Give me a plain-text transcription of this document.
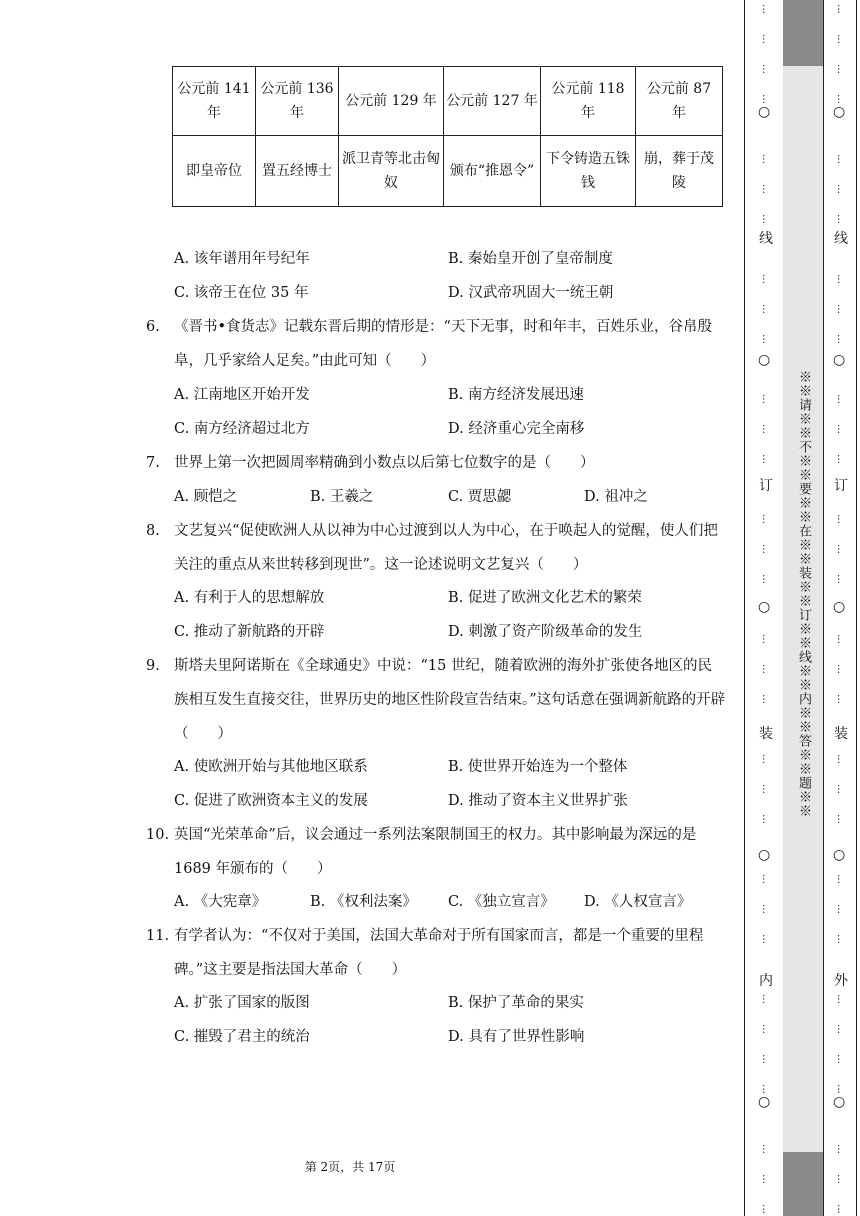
公元前 141 年	公元前 136 年	公元前 129 年	公元前 127 年	公元前 118 年	公元前 87 年
即皇帝位	置五经博士	派卫青等北击匈奴	颁布“推恩令”	下令铸造五铢钱	崩，葬于茂陵
A. 该年谱用年号纪年	B. 秦始皇开创了皇帝制度
C. 该帝王在位 35 年	D. 汉武帝巩固大一统王朝
6. 《晋书•食货志》记载东晋后期的情形是：“天下无事，时和年丰，百姓乐业，谷帛殷阜，几乎家给人足矣。”由此可知（　　）
A. 江南地区开始开发	B. 南方经济发展迅速
C. 南方经济超过北方	D. 经济重心完全南移
7. 世界上第一次把圆周率精确到小数点以后第七位数字的是（　　）
A. 顾恺之	B. 王羲之	C. 贾思勰	D. 祖冲之
8. 文艺复兴“促使欧洲人从以神为中心过渡到以人为中心，在于唤起人的觉醒，使人们把关注的重点从来世转移到现世”。这一论述说明文艺复兴（　　）
A. 有利于人的思想解放	B. 促进了欧洲文化艺术的繁荣
C. 推动了新航路的开辟	D. 刺激了资产阶级革命的发生
9. 斯塔夫里阿诺斯在《全球通史》中说：“15 世纪，随着欧洲的海外扩张使各地区的民族相互发生直接交往，世界历史的地区性阶段宣告结束。”这句话意在强调新航路的开辟（　　）
A. 使欧洲开始与其他地区联系	B. 使世界开始连为一个整体
C. 促进了欧洲资本主义的发展	D. 推动了资本主义世界扩张
10. 英国“光荣革命”后，议会通过一系列法案限制国王的权力。其中影响最为深远的是 1689 年颁布的（　　）
A. 《大宪章》	B. 《权利法案》 C. 《独立宣言》 D. 《人权宣言》
11. 有学者认为：“不仅对于美国，法国大革命对于所有国家而言，都是一个重要的里程碑。”这主要是指法国大革命（　　）
A. 扩张了国家的版图	B. 保护了革命的果实
C. 摧毁了君主的统治	D. 具有了世界性影响
第 2页，共 17页
※※请※※不※※要※※在※※装※※订※※线※※内※※答※※题※※
○
○
○
○
○
线
订
装
内
…
…
…
…
…
…
…
…
…
…
…
…
…
…
…
…
…
…
…
…
…
…
…
…
…
…
…
…
…
…
…
…
○
○
○
○
○
线
订
装
外
…
…
…
…
…
…
…
…
…
…
…
…
…
…
…
…
…
…
…
…
…
…
…
…
…
…
…
…
…
…
…
…
